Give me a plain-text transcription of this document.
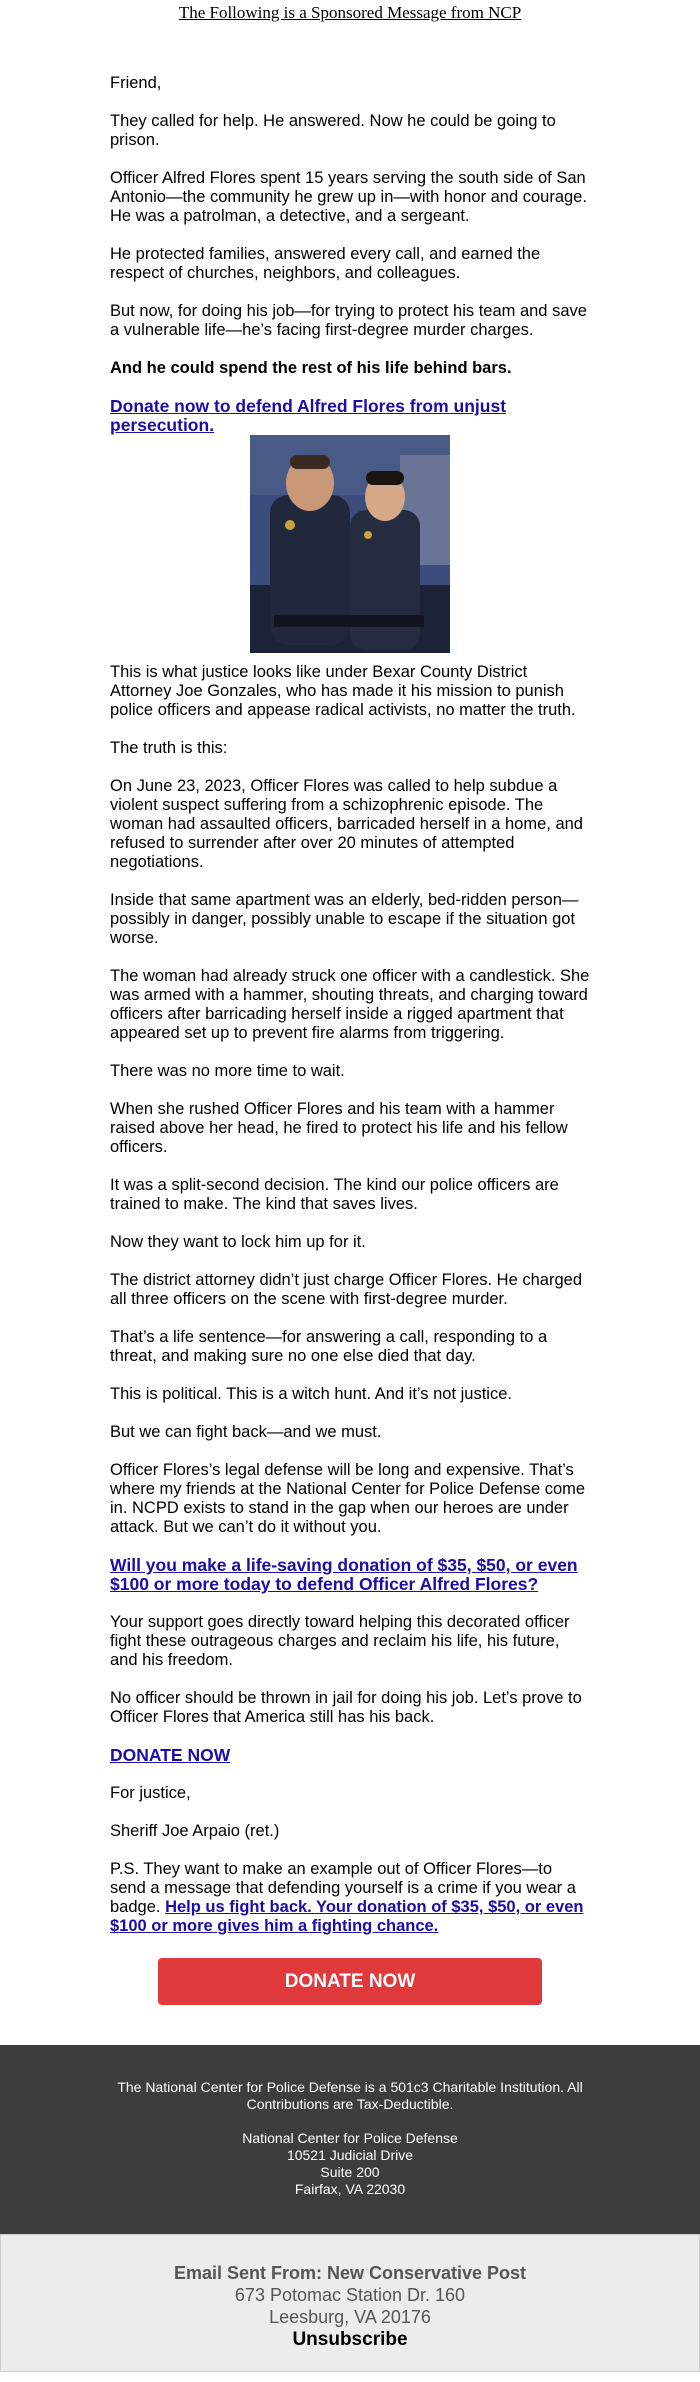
The Following is a Sponsored Message from NCP

Friend,

They called for help. He answered. Now he could be going to prison.

Officer Alfred Flores spent 15 years serving the south side of San Antonio—the community he grew up in—with honor and courage. He was a patrolman, a detective, and a sergeant.

He protected families, answered every call, and earned the respect of churches, neighbors, and colleagues.

But now, for doing his job—for trying to protect his team and save a vulnerable life—he’s facing first-degree murder charges.

And he could spend the rest of his life behind bars.

Donate now to defend Alfred Flores from unjust persecution.

This is what justice looks like under Bexar County District Attorney Joe Gonzales, who has made it his mission to punish police officers and appease radical activists, no matter the truth.

The truth is this:

On June 23, 2023, Officer Flores was called to help subdue a violent suspect suffering from a schizophrenic episode. The woman had assaulted officers, barricaded herself in a home, and refused to surrender after over 20 minutes of attempted negotiations.

Inside that same apartment was an elderly, bed-ridden person—possibly in danger, possibly unable to escape if the situation got worse.

The woman had already struck one officer with a candlestick. She was armed with a hammer, shouting threats, and charging toward officers after barricading herself inside a rigged apartment that appeared set up to prevent fire alarms from triggering.

There was no more time to wait.

When she rushed Officer Flores and his team with a hammer raised above her head, he fired to protect his life and his fellow officers.

It was a split-second decision. The kind our police officers are trained to make. The kind that saves lives.

Now they want to lock him up for it.

The district attorney didn’t just charge Officer Flores. He charged all three officers on the scene with first-degree murder.

That’s a life sentence—for answering a call, responding to a threat, and making sure no one else died that day.

This is political. This is a witch hunt. And it’s not justice.

But we can fight back—and we must.

Officer Flores’s legal defense will be long and expensive. That’s where my friends at the National Center for Police Defense come in. NCPD exists to stand in the gap when our heroes are under attack. But we can’t do it without you.

Will you make a life-saving donation of $35, $50, or even $100 or more today to defend Officer Alfred Flores?

Your support goes directly toward helping this decorated officer fight these outrageous charges and reclaim his life, his future, and his freedom.

No officer should be thrown in jail for doing his job. Let’s prove to Officer Flores that America still has his back.

DONATE NOW

For justice,

Sheriff Joe Arpaio (ret.)

P.S. They want to make an example out of Officer Flores—to send a message that defending yourself is a crime if you wear a badge. Help us fight back. Your donation of $35, $50, or even $100 or more gives him a fighting chance.

DONATE NOW

The National Center for Police Defense is a 501c3 Charitable Institution. All Contributions are Tax-Deductible.

National Center for Police Defense
10521 Judicial Drive
Suite 200
Fairfax, VA 22030
Email Sent From: New Conservative Post
673 Potomac Station Dr. 160
Leesburg, VA 20176
Unsubscribe
